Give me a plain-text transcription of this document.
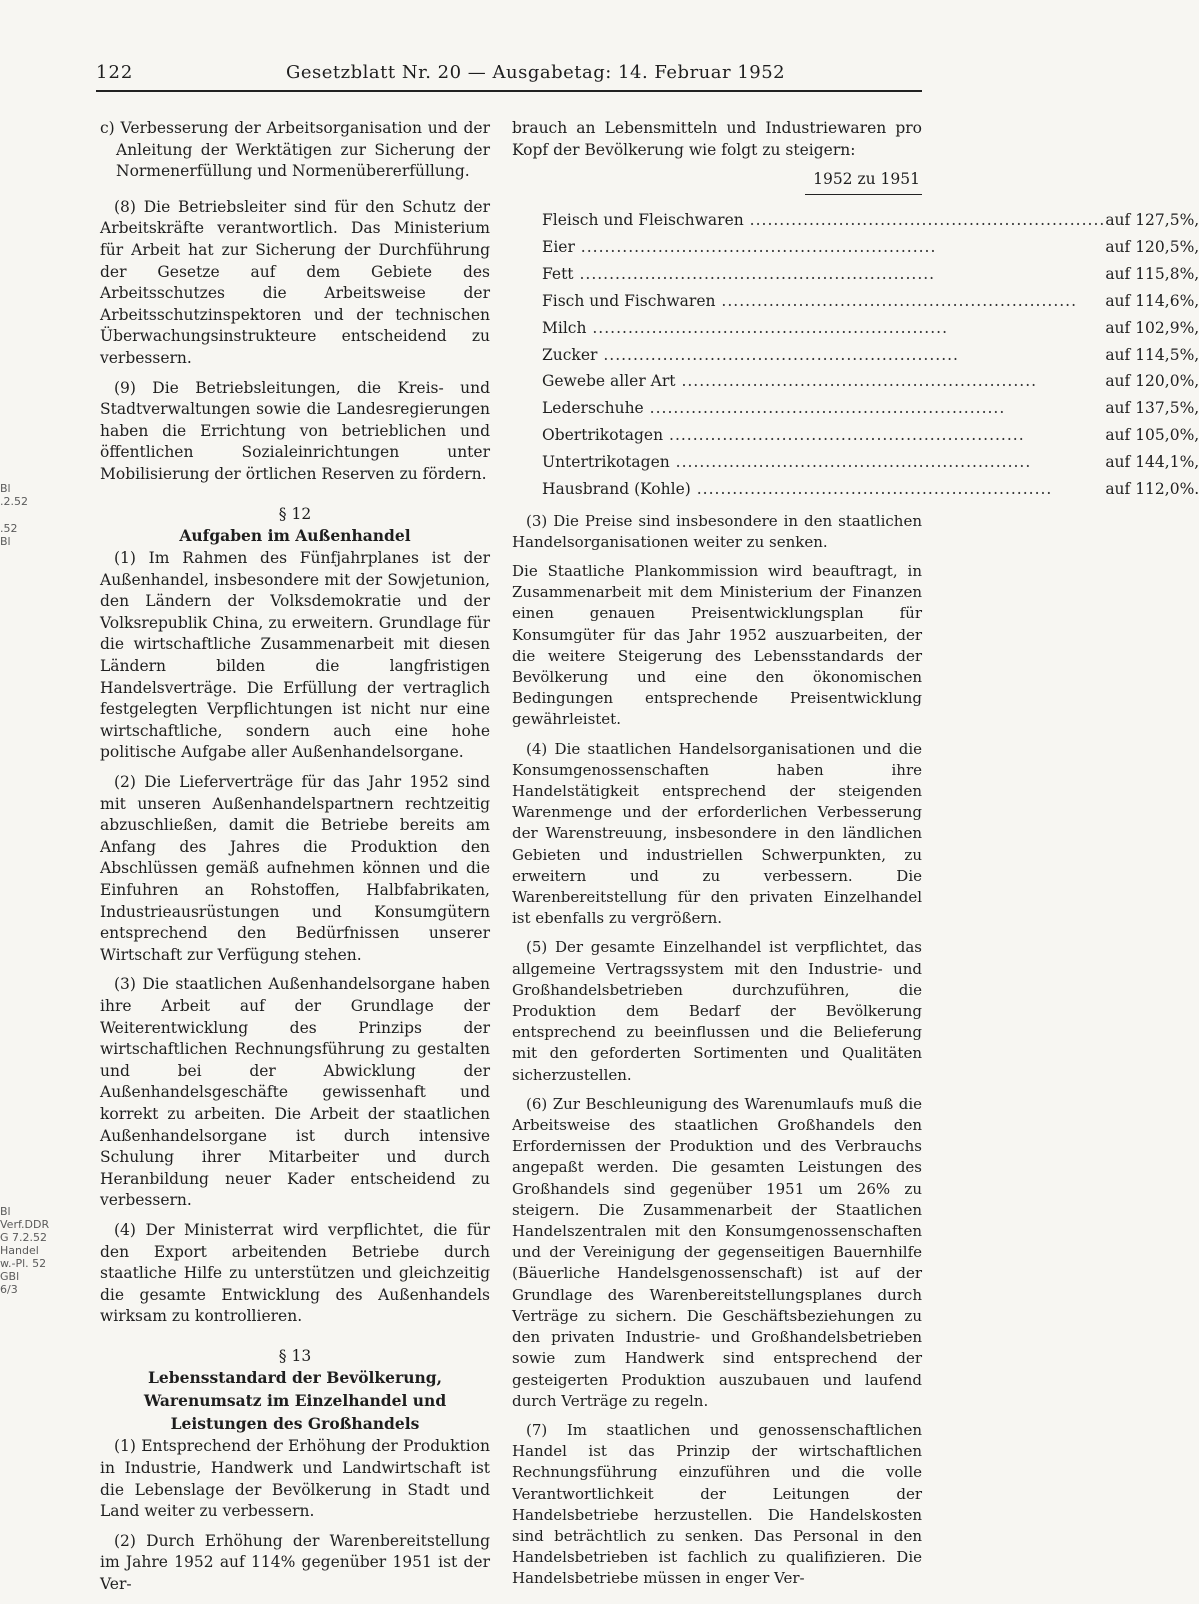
122	Gesetzblatt Nr. 20 — Ausgabetag: 14. Februar 1952
Bl
.2.52
.52
Bl
Bl
Verf.DDR
G 7.2.52
Handel
w.-Pl. 52
GBl
6/3

c) Verbesserung der Arbeitsorganisation und der Anleitung der Werktätigen zur Sicherung der Normenerfüllung und Normenübererfüllung.

(8) Die Betriebsleiter sind für den Schutz der Arbeitskräfte verantwortlich. Das Ministerium für Arbeit hat zur Sicherung der Durchführung der Gesetze auf dem Gebiete des Arbeitsschutzes die Arbeitsweise der Arbeitsschutzinspektoren und der technischen Überwachungsinstrukteure entscheidend zu verbessern.

(9) Die Betriebsleitungen, die Kreis- und Stadtverwaltungen sowie die Landesregierungen haben die Errichtung von betrieblichen und öffentlichen Sozialeinrichtungen unter Mobilisierung der örtlichen Reserven zu fördern.

§ 12
Aufgaben im Außenhandel

(1) Im Rahmen des Fünfjahrplanes ist der Außenhandel, insbesondere mit der Sowjetunion, den Ländern der Volksdemokratie und der Volksrepublik China, zu erweitern. Grundlage für die wirtschaftliche Zusammenarbeit mit diesen Ländern bilden die langfristigen Handelsverträge. Die Erfüllung der vertraglich festgelegten Verpflichtungen ist nicht nur eine wirtschaftliche, sondern auch eine hohe politische Aufgabe aller Außenhandelsorgane.

(2) Die Lieferverträge für das Jahr 1952 sind mit unseren Außenhandelspartnern rechtzeitig abzuschließen, damit die Betriebe bereits am Anfang des Jahres die Produktion den Abschlüssen gemäß aufnehmen können und die Einfuhren an Rohstoffen, Halbfabrikaten, Industrieausrüstungen und Konsumgütern entsprechend den Bedürfnissen unserer Wirtschaft zur Verfügung stehen.

(3) Die staatlichen Außenhandelsorgane haben ihre Arbeit auf der Grundlage der Weiterentwicklung des Prinzips der wirtschaftlichen Rechnungsführung zu gestalten und bei der Abwicklung der Außenhandelsgeschäfte gewissenhaft und korrekt zu arbeiten. Die Arbeit der staatlichen Außenhandelsorgane ist durch intensive Schulung ihrer Mitarbeiter und durch Heranbildung neuer Kader entscheidend zu verbessern.

(4) Der Ministerrat wird verpflichtet, die für den Export arbeitenden Betriebe durch staatliche Hilfe zu unterstützen und gleichzeitig die gesamte Entwicklung des Außenhandels wirksam zu kontrollieren.

§ 13
Lebensstandard der Bevölkerung,
Warenumsatz im Einzelhandel und
Leistungen des Großhandels

(1) Entsprechend der Erhöhung der Produktion in Industrie, Handwerk und Landwirtschaft ist die Lebenslage der Bevölkerung in Stadt und Land weiter zu verbessern.

(2) Durch Erhöhung der Warenbereitstellung im Jahre 1952 auf 114% gegenüber 1951 ist der Ver-

brauch an Lebensmitteln und Industriewaren pro Kopf der Bevölkerung wie folgt zu steigern:

1952 zu 1951
Fleisch und Fleischwaren ............................................................	auf 127,5%,
Eier ............................................................	auf 120,5%,
Fett ............................................................	auf 115,8%,
Fisch und Fischwaren ............................................................	auf 114,6%,
Milch ............................................................	auf 102,9%,
Zucker ............................................................	auf 114,5%,
Gewebe aller Art ............................................................	auf 120,0%,
Lederschuhe ............................................................	auf 137,5%,
Obertrikotagen ............................................................	auf 105,0%,
Untertrikotagen ............................................................	auf 144,1%,
Hausbrand (Kohle) ............................................................	auf 112,0%.

(3) Die Preise sind insbesondere in den staatlichen Handelsorganisationen weiter zu senken.

Die Staatliche Plankommission wird beauftragt, in Zusammenarbeit mit dem Ministerium der Finanzen einen genauen Preisentwicklungsplan für Konsumgüter für das Jahr 1952 auszuarbeiten, der die weitere Steigerung des Lebensstandards der Bevölkerung und eine den ökonomischen Bedingungen entsprechende Preisentwicklung gewährleistet.

(4) Die staatlichen Handelsorganisationen und die Konsumgenossenschaften haben ihre Handelstätigkeit entsprechend der steigenden Warenmenge und der erforderlichen Verbesserung der Warenstreuung, insbesondere in den ländlichen Gebieten und industriellen Schwerpunkten, zu erweitern und zu verbessern. Die Warenbereitstellung für den privaten Einzelhandel ist ebenfalls zu vergrößern.

(5) Der gesamte Einzelhandel ist verpflichtet, das allgemeine Vertragssystem mit den Industrie- und Großhandelsbetrieben durchzuführen, die Produktion dem Bedarf der Bevölkerung entsprechend zu beeinflussen und die Belieferung mit den geforderten Sortimenten und Qualitäten sicherzustellen.

(6) Zur Beschleunigung des Warenumlaufs muß die Arbeitsweise des staatlichen Großhandels den Erfordernissen der Produktion und des Verbrauchs angepaßt werden. Die gesamten Leistungen des Großhandels sind gegenüber 1951 um 26% zu steigern. Die Zusammenarbeit der Staatlichen Handelszentralen mit den Konsumgenossenschaften und der Vereinigung der gegenseitigen Bauernhilfe (Bäuerliche Handelsgenossenschaft) ist auf der Grundlage des Warenbereitstellungsplanes durch Verträge zu sichern. Die Geschäftsbeziehungen zu den privaten Industrie- und Großhandelsbetrieben sowie zum Handwerk sind entsprechend der gesteigerten Produktion auszubauen und laufend durch Verträge zu regeln.

(7) Im staatlichen und genossenschaftlichen Handel ist das Prinzip der wirtschaftlichen Rechnungsführung einzuführen und die volle Verantwortlichkeit der Leitungen der Handelsbetriebe herzustellen. Die Handelskosten sind beträchtlich zu senken. Das Personal in den Handelsbetrieben ist fachlich zu qualifizieren. Die Handelsbetriebe müssen in enger Ver-
